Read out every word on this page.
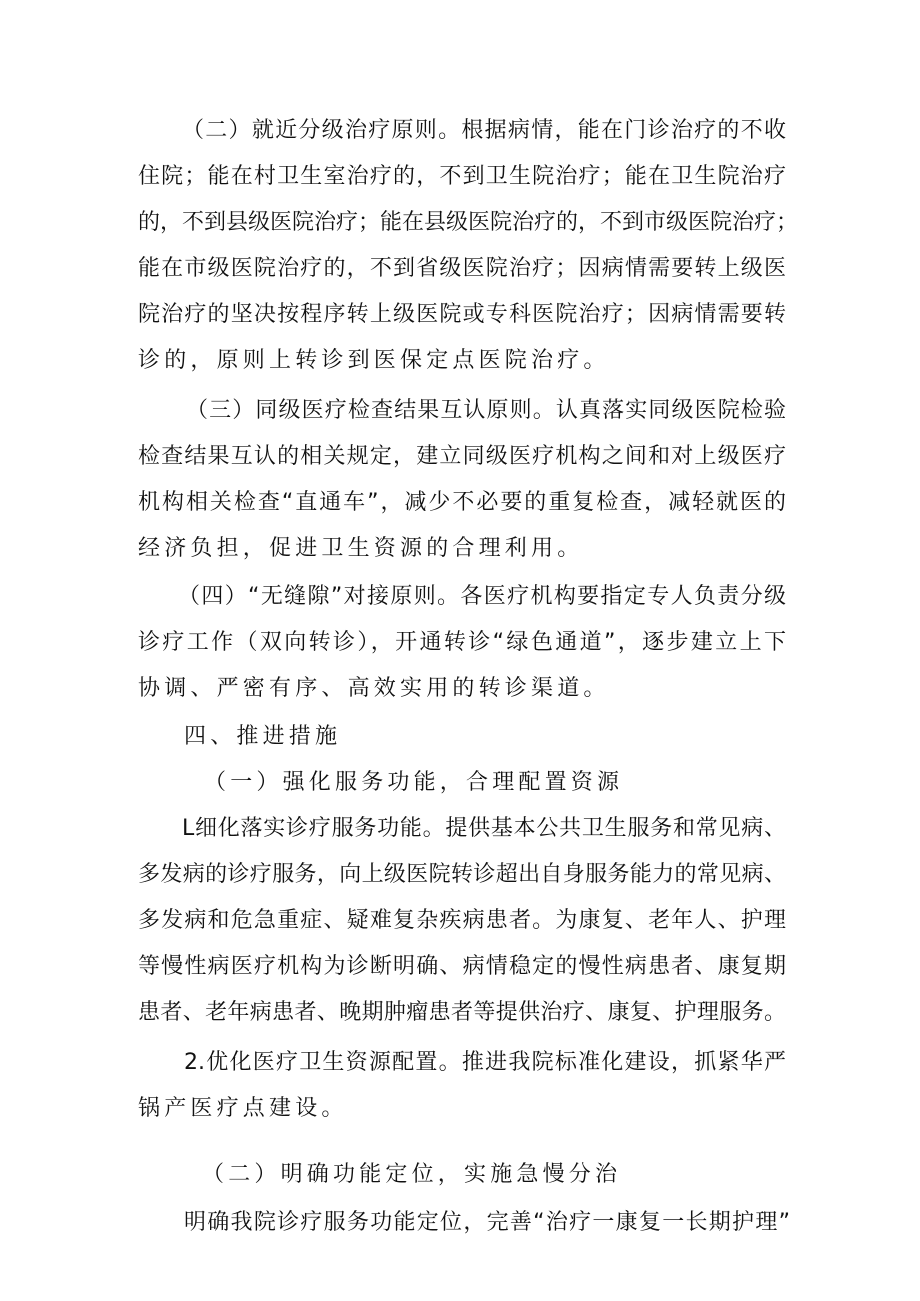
（二）就近分级治疗原则。根据病情，能在门诊治疗的不收
住院；能在村卫生室治疗的，不到卫生院治疗；能在卫生院治疗
的，不到县级医院治疗；能在县级医院治疗的，不到市级医院治疗；
能在市级医院治疗的，不到省级医院治疗；因病情需要转上级医
院治疗的坚决按程序转上级医院或专科医院治疗；因病情需要转
诊的，原则上转诊到医保定点医院治疗。
（三）同级医疗检查结果互认原则。认真落实同级医院检验
检查结果互认的相关规定，建立同级医疗机构之间和对上级医疗
机构相关检查“直通车”，减少不必要的重复检查，减轻就医的
经济负担，促进卫生资源的合理利用。
（四）“无缝隙”对接原则。各医疗机构要指定专人负责分级
诊疗工作（双向转诊），开通转诊“绿色通道”，逐步建立上下
协调、严密有序、高效实用的转诊渠道。
四、推进措施
（一）强化服务功能，合理配置资源
L细化落实诊疗服务功能。提供基本公共卫生服务和常见病、
多发病的诊疗服务，向上级医院转诊超出自身服务能力的常见病、
多发病和危急重症、疑难复杂疾病患者。为康复、老年人、护理
等慢性病医疗机构为诊断明确、病情稳定的慢性病患者、康复期
患者、老年病患者、晚期肿瘤患者等提供治疗、康复、护理服务。
2.优化医疗卫生资源配置。推进我院标准化建设，抓紧华严
锅产医疗点建设。
（二）明确功能定位，实施急慢分治
明确我院诊疗服务功能定位，完善“治疗一康复一长期护理”
